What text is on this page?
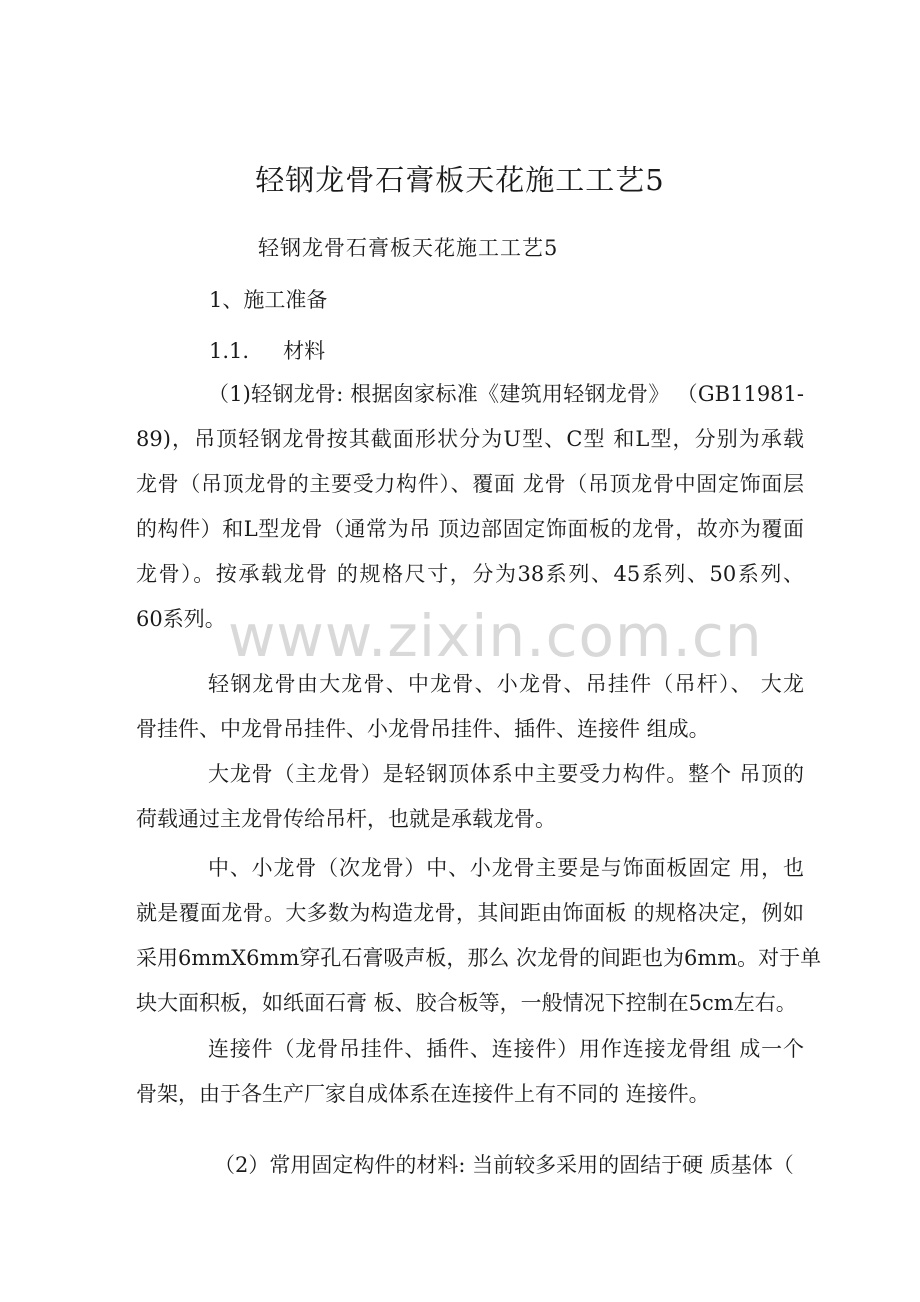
轻钢龙骨石膏板天花施工工艺5
轻钢龙骨石膏板天花施工工艺5
1、施工准备
1.1. 材料
（1)轻钢龙骨: 根据囱家标准《建筑用轻钢龙骨》 （GB11981-
89)，吊顶轻钢龙骨按其截面形状分为U型、C型 和L型，分别为承载
龙骨（吊顶龙骨的主要受力构件）、覆面 龙骨（吊顶龙骨中固定饰面层
的构件）和L型龙骨（通常为吊 顶边部固定饰面板的龙骨，故亦为覆面
龙骨）。按承载龙骨 的规格尺寸，分为38系列、45系列、50系列、
60系列。
轻钢龙骨由大龙骨、中龙骨、小龙骨、吊挂件（吊杆）、 大龙
骨挂件、中龙骨吊挂件、小龙骨吊挂件、插件、连接件 组成。
大龙骨（主龙骨）是轻钢顶体系中主要受力构件。整个 吊顶的
荷载通过主龙骨传给吊杆，也就是承载龙骨。
中、小龙骨（次龙骨）中、小龙骨主要是与饰面板固定 用，也
就是覆面龙骨。大多数为构造龙骨，其间距由饰面板 的规格决定，例如
采用6mmX6mm穿孔石膏吸声板，那么 次龙骨的间距也为6mm。对于单
块大面积板，如纸面石膏 板、胶合板等，一般情况下控制在5cm左右。
连接件（龙骨吊挂件、插件、连接件）用作连接龙骨组 成一个
骨架，由于各生产厂家自成体系在连接件上有不同的 连接件。
（2）常用固定构件的材料: 当前较多采用的固结于硬 质基体（
www.zixin.com.cn
